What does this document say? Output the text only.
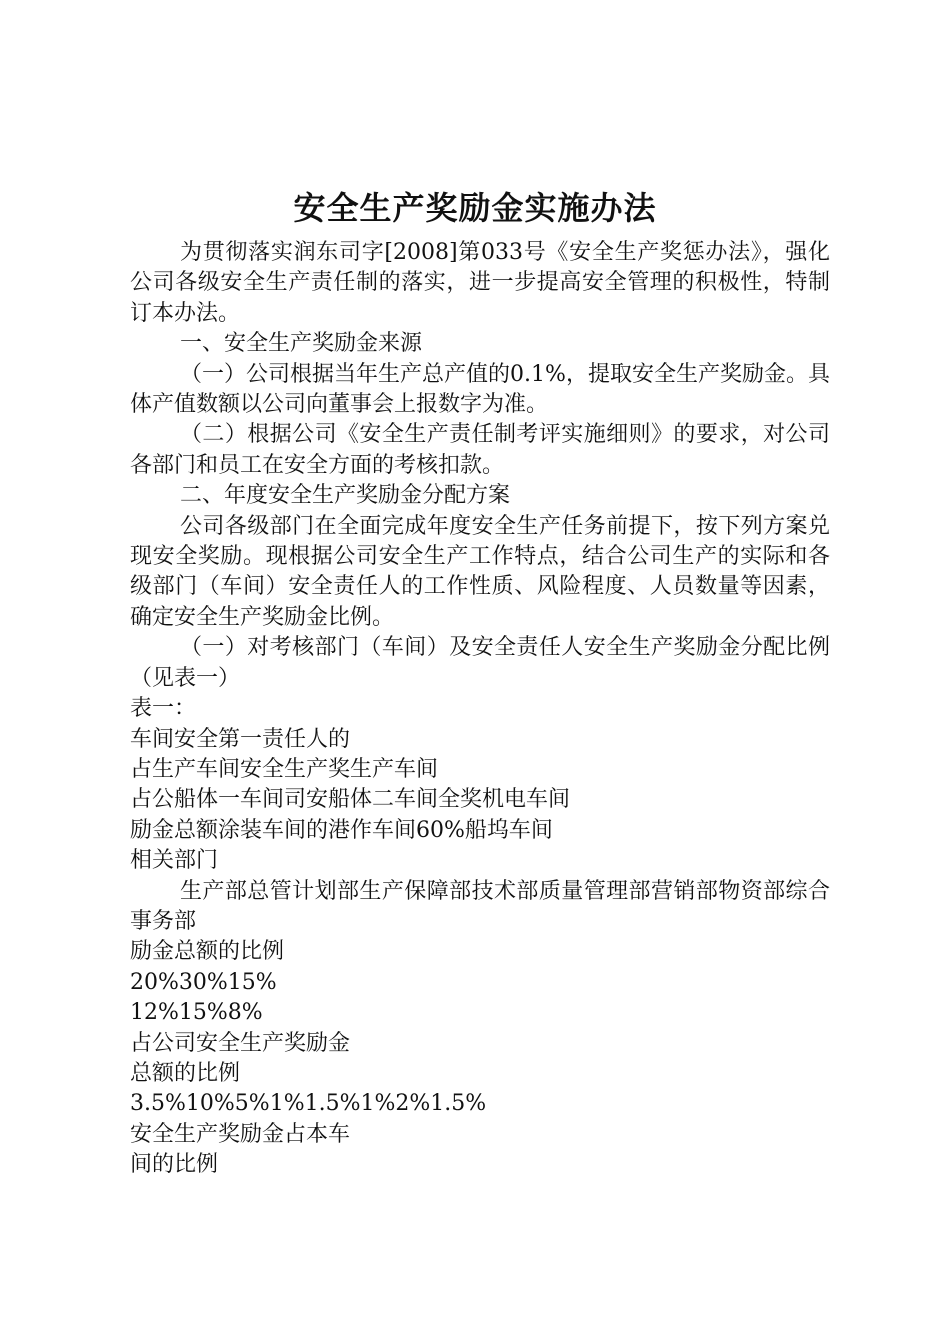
安全生产奖励金实施办法

为贯彻落实润东司字[2008]第033号《安全生产奖惩办法》，强化公司各级安全生产责任制的落实，进一步提高安全管理的积极性，特制订本办法。

一、安全生产奖励金来源

（一）公司根据当年生产总产值的0.1%，提取安全生产奖励金。具体产值数额以公司向董事会上报数字为准。

（二）根据公司《安全生产责任制考评实施细则》的要求，对公司各部门和员工在安全方面的考核扣款。

二、年度安全生产奖励金分配方案

公司各级部门在全面完成年度安全生产任务前提下，按下列方案兑现安全奖励。现根据公司安全生产工作特点，结合公司生产的实际和各级部门（车间）安全责任人的工作性质、风险程度、人员数量等因素，确定安全生产奖励金比例。

（一）对考核部门（车间）及安全责任人安全生产奖励金分配比例（见表一）

表一：

车间安全第一责任人的

占生产车间安全生产奖生产车间

占公船体一车间司安船体二车间全奖机电车间

励金总额涂装车间的港作车间60%船坞车间

相关部门

生产部总管计划部生产保障部技术部质量管理部营销部物资部综合事务部

励金总额的比例

20%30%15%

12%15%8%

占公司安全生产奖励金

总额的比例

3.5%10%5%1%1.5%1%2%1.5%

安全生产奖励金占本车

间的比例
